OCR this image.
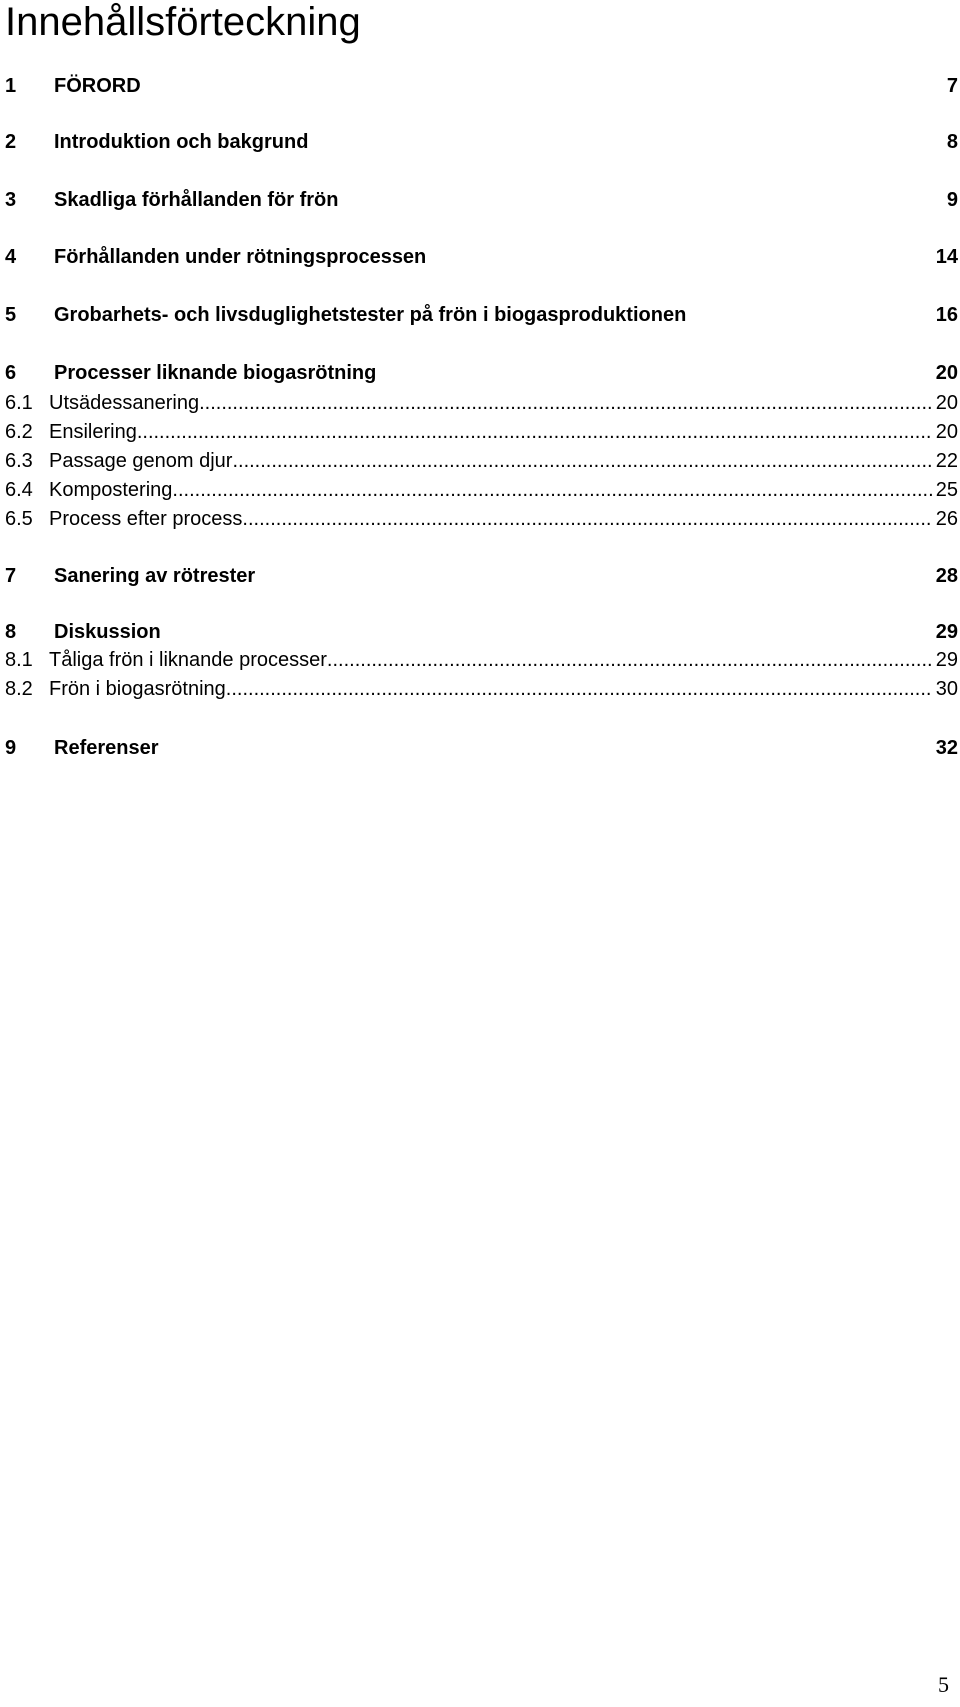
Innehållsförteckning
1	FÖRORD	7
2	Introduktion och bakgrund	8
3	Skadliga förhållanden för frön	9
4	Förhållanden under rötningsprocessen	14
5	Grobarhets- och livsduglighetstester på frön i biogasproduktionen	16
6	Processer liknande biogasrötning	20
6.1 Utsädessanering .....	20
6.2 Ensilering .....	20
6.3 Passage genom djur .....	22
6.4 Kompostering .....	25
6.5 Process efter process .....	26
7	Sanering av rötrester	28
8	Diskussion	29
8.1 Tåliga frön i liknande processer .....	29
8.2 Frön i biogasrötning .....	30
9	Referenser	32
5
